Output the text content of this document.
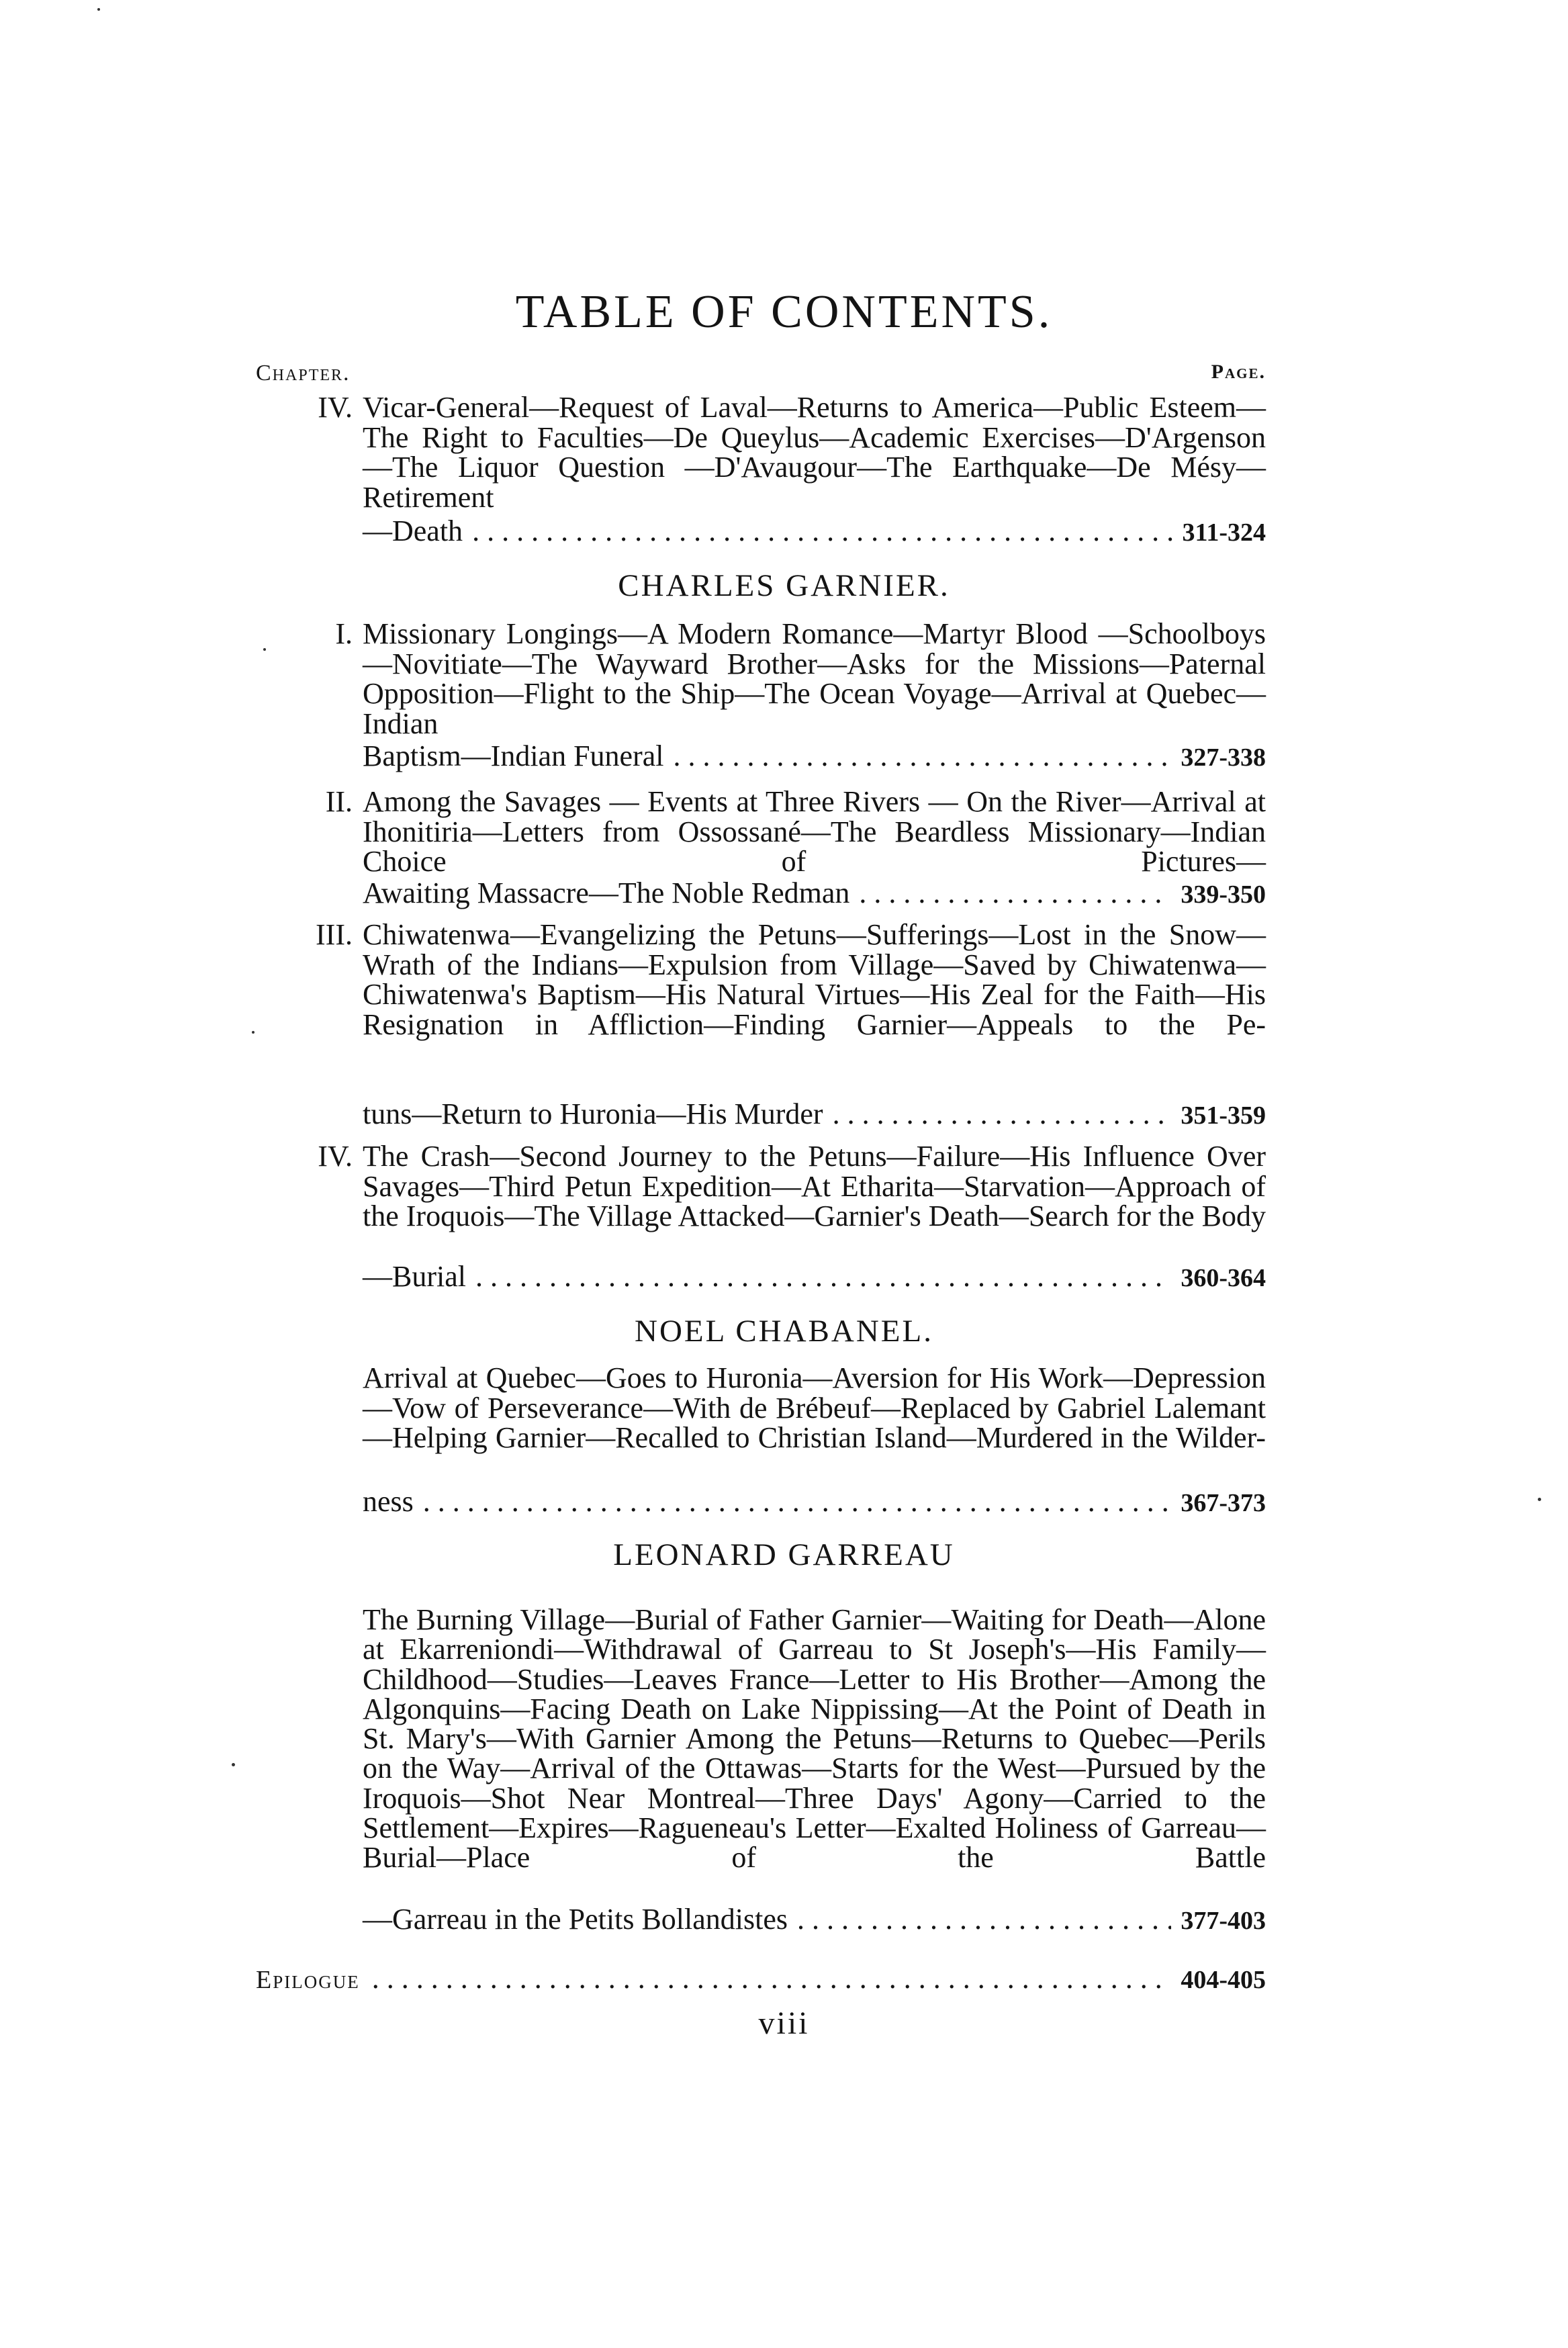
TABLE OF CONTENTS.
Chapter.	Page.
IV. Vicar-General—Request of Laval—Returns to America—Public Esteem—The Right to Faculties—De Queylus—Academic Exercises—D'Argenson—The Liquor Question —D'Avaugour—The Earthquake—De Mésy—Retirement
—Death . . .	311-324
CHARLES GARNIER.
I. Missionary Longings—A Modern Romance—Martyr Blood —Schoolboys—Novitiate—The Wayward Brother—Asks for the Missions—Paternal Opposition—Flight to the Ship—The Ocean Voyage—Arrival at Quebec—Indian
Baptism—Indian Funeral . . .	327-338
II. Among the Savages — Events at Three Rivers — On the River—Arrival at Ihonitiria—Letters from Ossossané—The Beardless Missionary—Indian Choice of Pictures—
Awaiting Massacre—The Noble Redman . . .	339-350
III. Chiwatenwa—Evangelizing the Petuns—Sufferings—Lost in the Snow—Wrath of the Indians—Expulsion from Village—Saved by Chiwatenwa—Chiwatenwa's Baptism—His Natural Virtues—His Zeal for the Faith—His Resignation in Affliction—Finding Garnier—Appeals to the Pe-
tuns—Return to Huronia—His Murder . . .	351-359
IV. The Crash—Second Journey to the Petuns—Failure—His Influence Over Savages—Third Petun Expedition—At Etharita—Starvation—Approach of the Iroquois—The Village Attacked—Garnier's Death—Search for the Body
—Burial . . .	360-364
NOEL CHABANEL.
Arrival at Quebec—Goes to Huronia—Aversion for His Work—Depression—Vow of Perseverance—With de Brébeuf—Replaced by Gabriel Lalemant—Helping Garnier—Recalled to Christian Island—Murdered in the Wilder-
ness . . .	367-373
LEONARD GARREAU
The Burning Village—Burial of Father Garnier—Waiting for Death—Alone at Ekarreniondi—Withdrawal of Garreau to St Joseph's—His Family—Childhood—Studies—Leaves France—Letter to His Brother—Among the Algonquins—Facing Death on Lake Nippissing—At the Point of Death in St. Mary's—With Garnier Among the Petuns—Returns to Quebec—Perils on the Way—Arrival of the Ottawas—Starts for the West—Pursued by the Iroquois—Shot Near Montreal—Three Days' Agony—Carried to the Settlement—Expires—Ragueneau's Letter—Exalted Holiness of Garreau—Burial—Place of the Battle
—Garreau in the Petits Bollandistes . . .	377-403
Epilogue . . .	404-405
viii
